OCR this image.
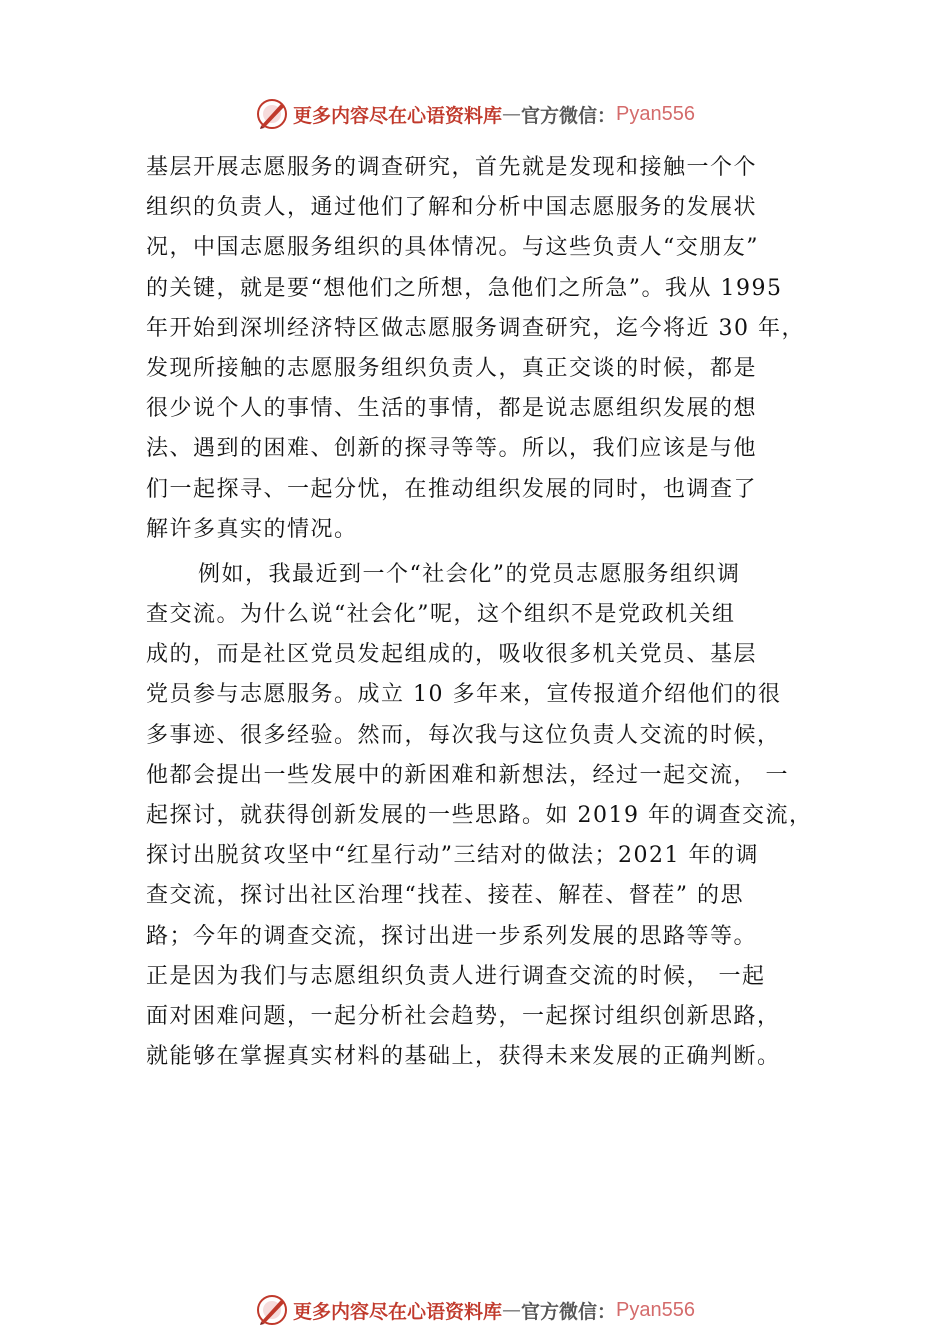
更多内容尽在心语资料库 — 官方微信： Pyan556
基层开展志愿服务的调查研究，首先就是发现和接触一个个
组织的负责人，通过他们了解和分析中国志愿服务的发展状
况，中国志愿服务组织的具体情况。与这些负责人“交朋友”
的关键，就是要“想他们之所想，急他们之所急”。我从 1995
年开始到深圳经济特区做志愿服务调查研究，迄今将近 30 年，
发现所接触的志愿服务组织负责人，真正交谈的时候，都是
很少说个人的事情、生活的事情，都是说志愿组织发展的想
法、遇到的困难、创新的探寻等等。所以，我们应该是与他
们一起探寻、一起分忧，在推动组织发展的同时，也调查了
解许多真实的情况。
例如，我最近到一个“社会化”的党员志愿服务组织调
查交流。为什么说“社会化”呢，这个组织不是党政机关组
成的，而是社区党员发起组成的，吸收很多机关党员、基层
党员参与志愿服务。成立 10 多年来，宣传报道介绍他们的很
多事迹、很多经验。然而，每次我与这位负责人交流的时候，
他都会提出一些发展中的新困难和新想法，经过一起交流， 一
起探讨，就获得创新发展的一些思路。如 2019 年的调查交流，
探讨出脱贫攻坚中“红星行动”三结对的做法；2021 年的调
查交流，探讨出社区治理“找茬、接茬、解茬、督茬” 的思
路；今年的调查交流，探讨出进一步系列发展的思路等等。
正是因为我们与志愿组织负责人进行调查交流的时候， 一起
面对困难问题，一起分析社会趋势，一起探讨组织创新思路，
就能够在掌握真实材料的基础上，获得未来发展的正确判断。
更多内容尽在心语资料库 — 官方微信： Pyan556
